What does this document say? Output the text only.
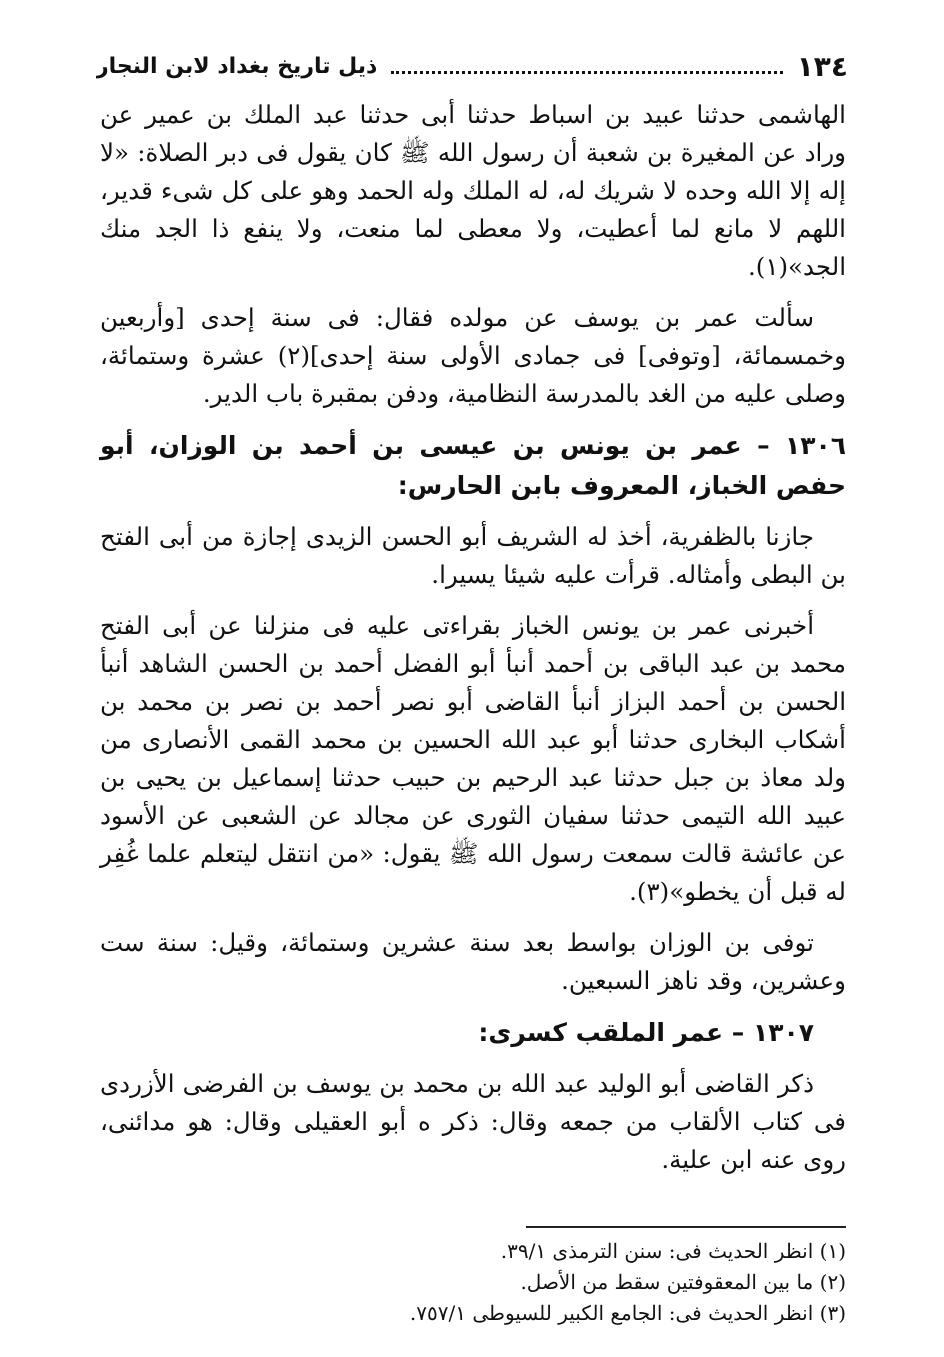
١٣٤
ذيل تاريخ بغداد لابن النجار

الهاشمى حدثنا عبيد بن اسباط حدثنا أبى حدثنا عبد الملك بن عمير عن وراد عن المغيرة بن شعبة أن رسول الله ﷺ كان يقول فى دبر الصلاة: «لا إله إلا الله وحده لا شريك له، له الملك وله الحمد وهو على كل شىء قدير، اللهم لا مانع لما أعطيت، ولا معطى لما منعت، ولا ينفع ذا الجد منك الجد»(١).

سألت عمر بن يوسف عن مولده فقال: فى سنة إحدى [وأربعين وخمسمائة، [وتوفى] فى جمادى الأولى سنة إحدى](٢) عشرة وستمائة، وصلى عليه من الغد بالمدرسة النظامية، ودفن بمقبرة باب الدير.

١٣٠٦ – عمر بن يونس بن عيسى بن أحمد بن الوزان، أبو حفص الخباز، المعروف بابن الحارس:

جازنا بالظفرية، أخذ له الشريف أبو الحسن الزيدى إجازة من أبى الفتح بن البطى وأمثاله. قرأت عليه شيئا يسيرا.

أخبرنى عمر بن يونس الخباز بقراءتى عليه فى منزلنا عن أبى الفتح محمد بن عبد الباقى بن أحمد أنبأ أبو الفضل أحمد بن الحسن الشاهد أنبأ الحسن بن أحمد البزاز أنبأ القاضى أبو نصر أحمد بن نصر بن محمد بن أشكاب البخارى حدثنا أبو عبد الله الحسين بن محمد القمى الأنصارى من ولد معاذ بن جبل حدثنا عبد الرحيم بن حبيب حدثنا إسماعيل بن يحيى بن عبيد الله التيمى حدثنا سفيان الثورى عن مجالد عن الشعبى عن الأسود عن عائشة قالت سمعت رسول الله ﷺ يقول: «من انتقل ليتعلم علما غُفِر له قبل أن يخطو»(٣).

توفى بن الوزان بواسط بعد سنة عشرين وستمائة، وقيل: سنة ست وعشرين، وقد ناهز السبعين.

١٣٠٧ – عمر الملقب كسرى:

ذكر القاضى أبو الوليد عبد الله بن محمد بن يوسف بن الفرضى الأزردى فى كتاب الألقاب من جمعه وقال: ذكر ه أبو العقيلى وقال: هو مدائنى، روى عنه ابن علية.

(١) انظر الحديث فى: سنن الترمذى ٣٩/١.

(٢) ما بين المعقوفتين سقط من الأصل.

(٣) انظر الحديث فى: الجامع الكبير للسيوطى ٧٥٧/١.
